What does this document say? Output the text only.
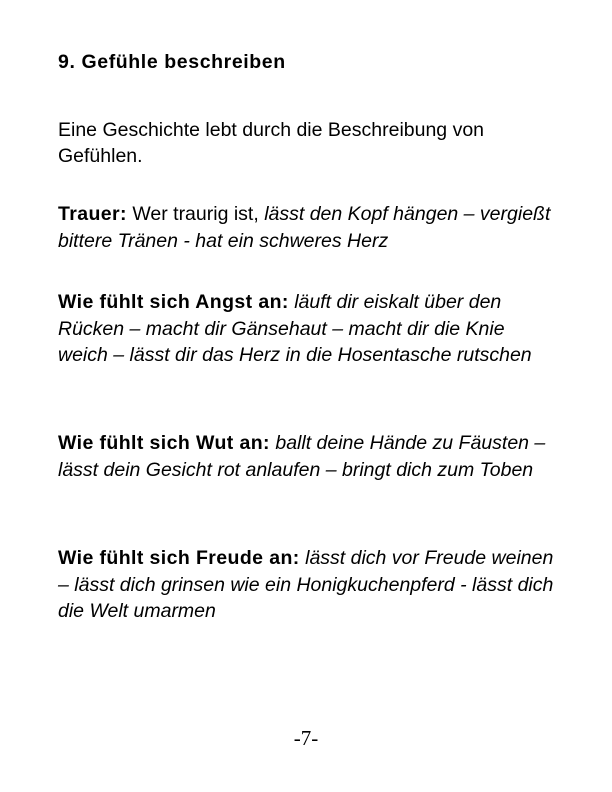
9. Gefühle beschreiben

Eine Geschichte lebt durch die Beschreibung von Gefühlen.

Trauer: Wer traurig ist, lässt den Kopf hängen – vergießt bittere Tränen - hat ein schweres Herz

Wie fühlt sich Angst an: läuft dir eiskalt über den Rücken – macht dir Gänsehaut – macht dir die Knie weich – lässt dir das Herz in die Hosentasche rutschen

Wie fühlt sich Wut an: ballt deine Hände zu Fäusten – lässt dein Gesicht rot anlaufen – bringt dich zum Toben

Wie fühlt sich Freude an: lässt dich vor Freude weinen – lässt dich grinsen wie ein Honigkuchenpferd - lässt dich die Welt umarmen

-7-
